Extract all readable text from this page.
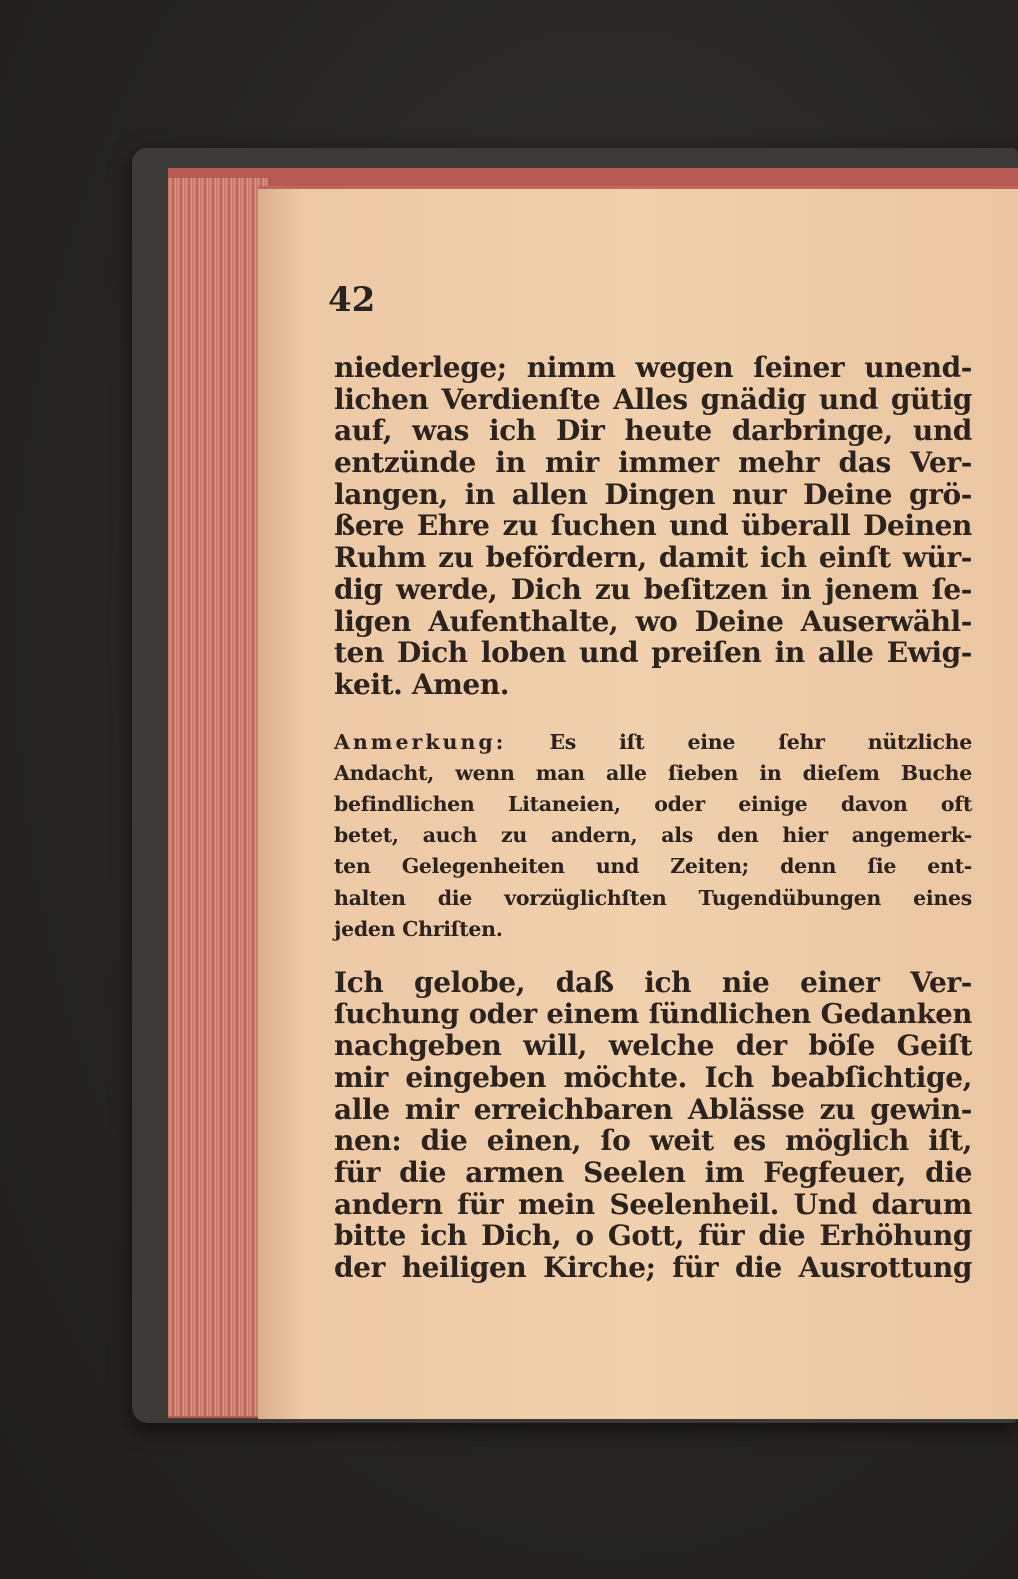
42
niederlege; nimm wegen ſeiner unend-
lichen Verdienſte Alles gnädig und gütig
auf, was ich Dir heute darbringe, und
entzünde in mir immer mehr das Ver-
langen, in allen Dingen nur Deine grö-
ßere Ehre zu ſuchen und überall Deinen
Ruhm zu befördern, damit ich einſt wür-
dig werde, Dich zu beſitzen in jenem ſe-
ligen Aufenthalte, wo Deine Auserwähl-
ten Dich loben und preiſen in alle Ewig-
keit. Amen.
Anmerkung: Es iſt eine ſehr nützliche
Andacht, wenn man alle ſieben in dieſem Buche
befindlichen Litaneien, oder einige davon oft
betet, auch zu andern, als den hier angemerk-
ten Gelegenheiten und Zeiten; denn ſie ent-
halten die vorzüglichſten Tugendübungen eines
jeden Chriſten.
Ich gelobe, daß ich nie einer Ver-
ſuchung oder einem ſündlichen Gedanken
nachgeben will, welche der böſe Geiſt
mir eingeben möchte. Ich beabſichtige,
alle mir erreichbaren Ablässe zu gewin-
nen: die einen, ſo weit es möglich iſt,
für die armen Seelen im Fegfeuer, die
andern für mein Seelenheil. Und darum
bitte ich Dich, o Gott, für die Erhöhung
der heiligen Kirche; für die Ausrottung
